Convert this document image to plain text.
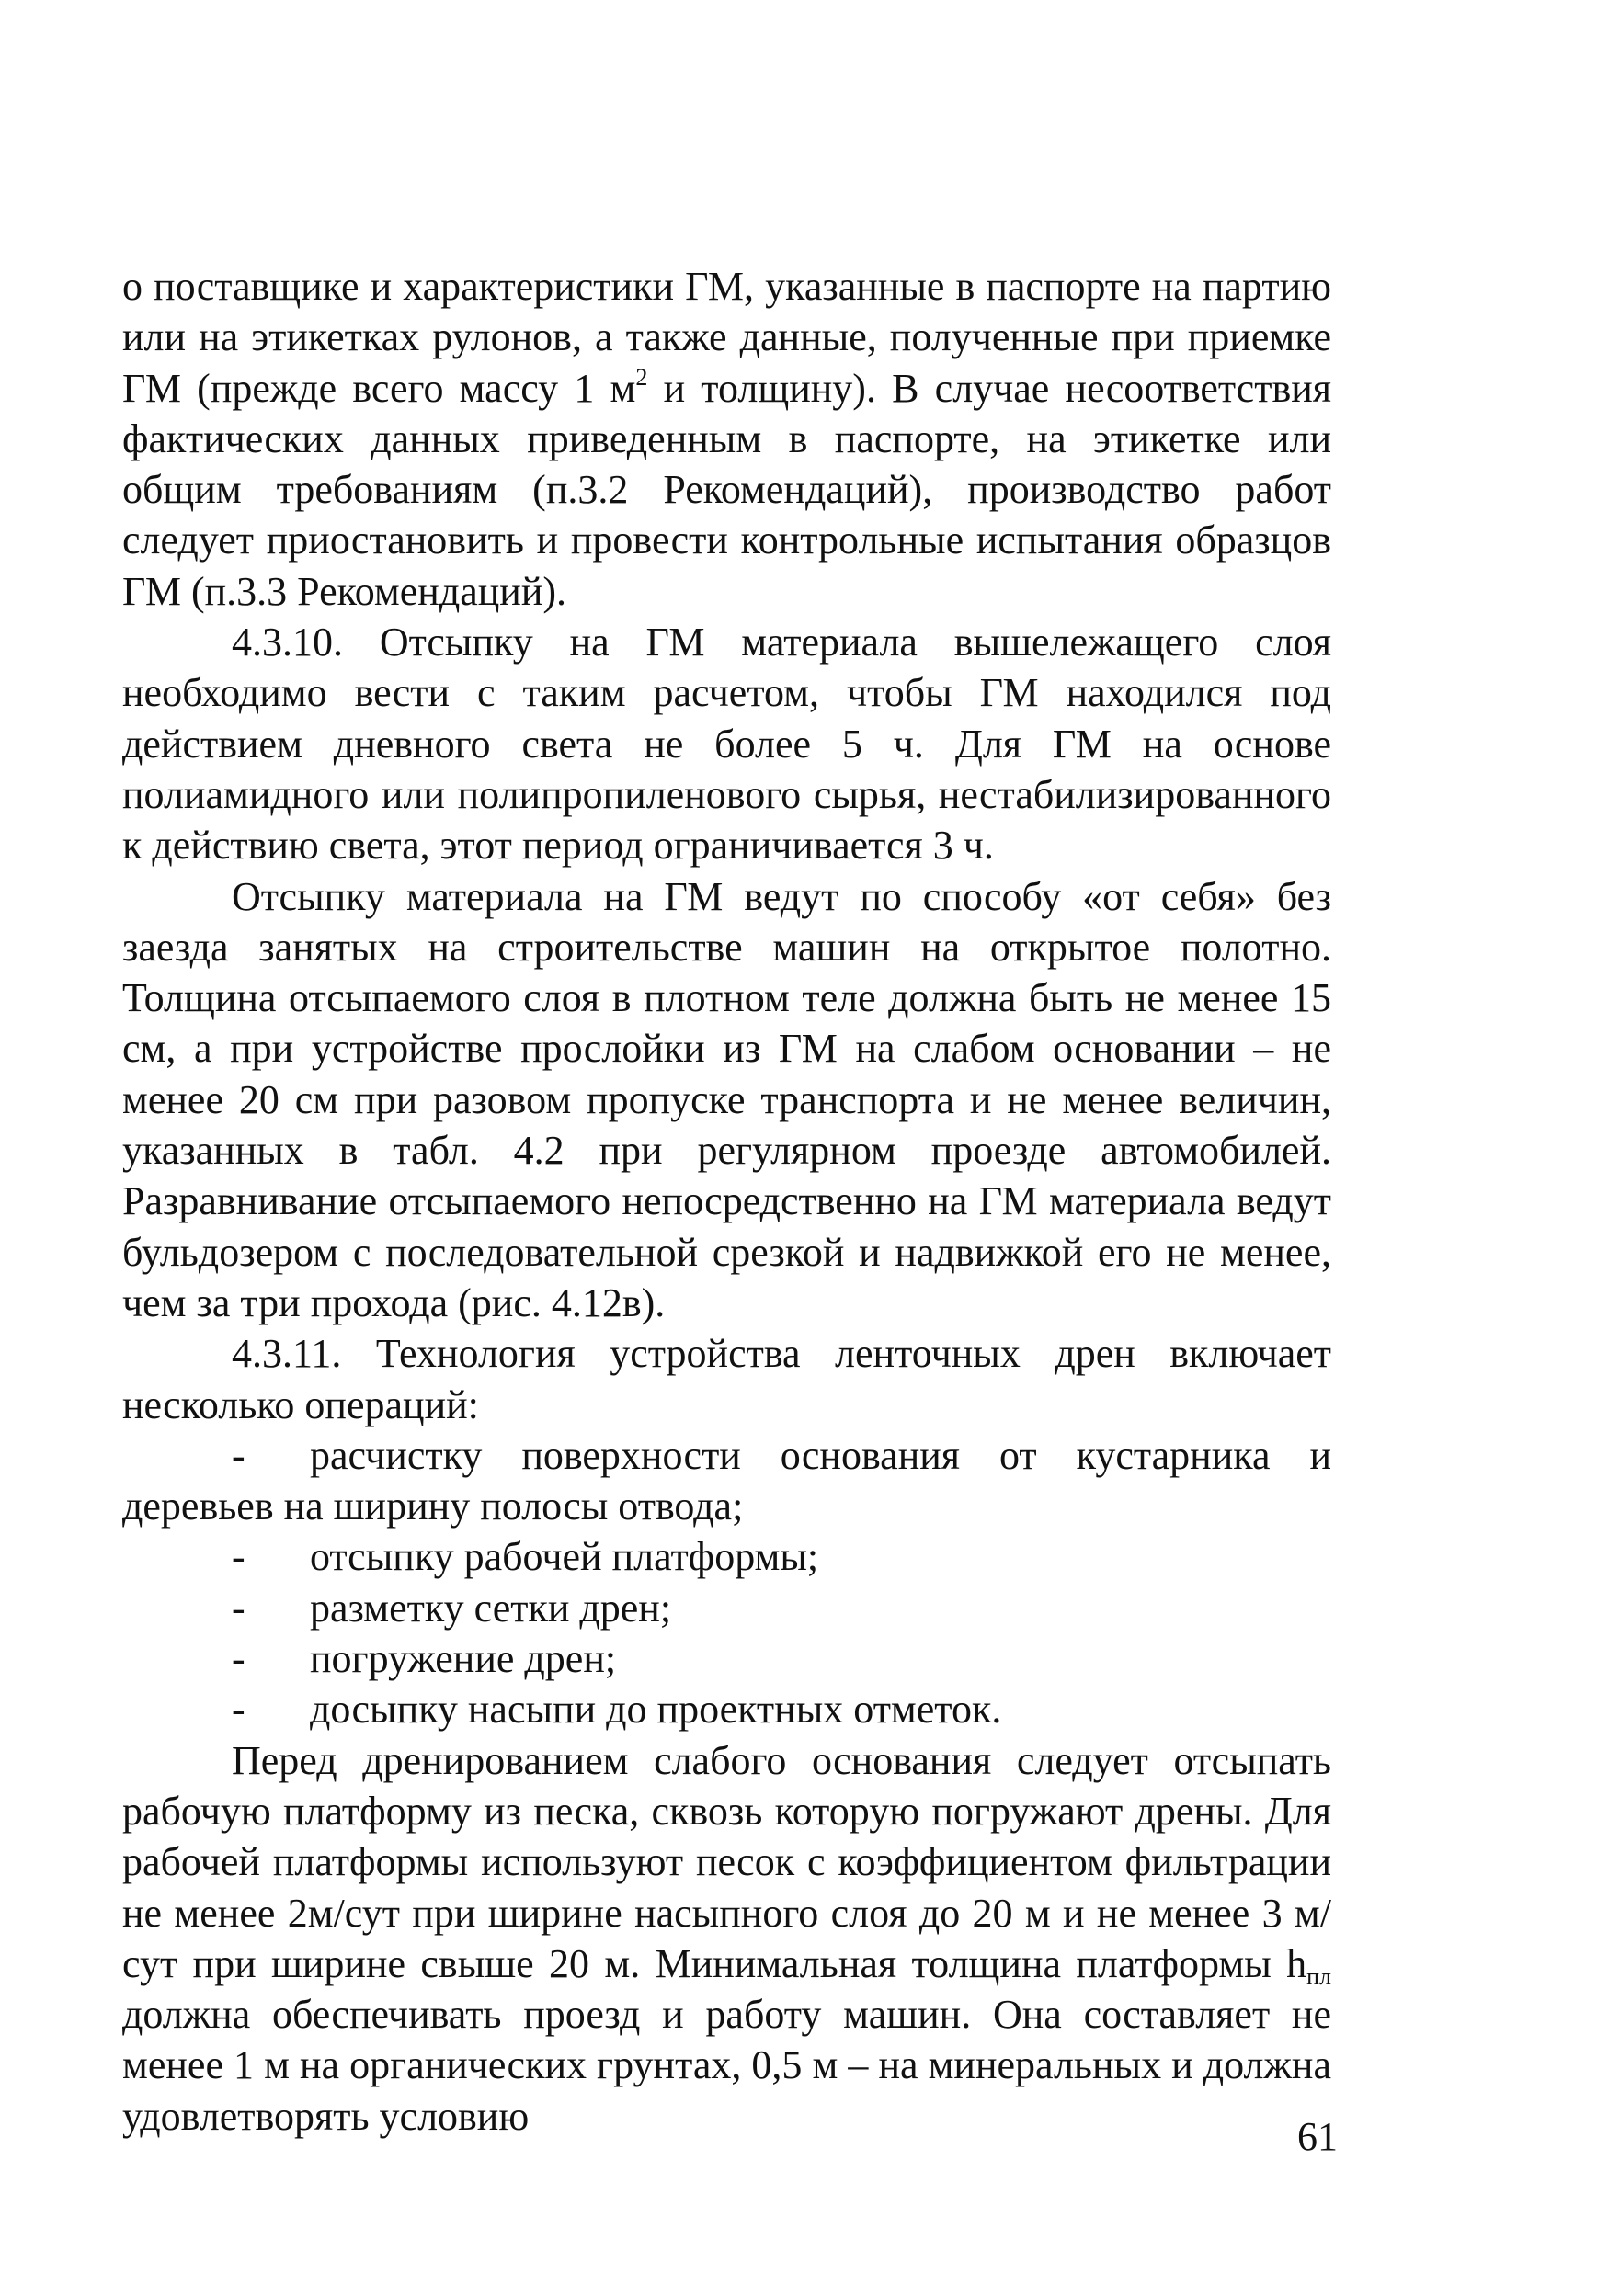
о поставщике и характеристики ГМ, указанные в паспорте на партию или на этикетках рулонов, а также данные, полученные при приемке ГМ (прежде всего массу 1 $м^2$ и толщину). В случае несоответствия фактических данных приведенным в паспорте, на этикетке или общим требованиям (п.3.2 Рекомендаций), производство работ следует приостановить и провести контрольные испытания образцов ГМ (п.3.3 Рекомендаций).

4.3.10. Отсыпку на ГМ материала вышележащего слоя необходимо вести с таким расчетом, чтобы ГМ находился под действием дневного света не более 5 ч. Для ГМ на основе полиамидного или полипропиленового сырья, нестабилизированного к действию света, этот период ограничивается 3 ч.

Отсыпку материала на ГМ ведут по способу «от себя» без заезда занятых на строительстве машин на открытое полотно. Толщина отсыпаемого слоя в плотном теле должна быть не менее 15 см, а при устройстве прослойки из ГМ на слабом основании – не менее 20 см при разовом пропуске транспорта и не менее величин, указанных в табл. 4.2 при регулярном проезде автомобилей. Разравнивание отсыпаемого непосредственно на ГМ материала ведут бульдозером с последовательной срезкой и надвижкой его не менее, чем за три прохода (рис. 4.12в).

4.3.11. Технология устройства ленточных дрен включает несколько операций:

- расчистку поверхности основания от кустарника и деревьев на ширину полосы отвода;

- отсыпку рабочей платформы;

- разметку сетки дрен;

- погружение дрен;

- досыпку насыпи до проектных отметок.

Перед дренированием слабого основания следует отсыпать рабочую платформу из песка, сквозь которую погружают дрены. Для рабочей платформы используют песок с коэффициентом фильтрации не менее 2м/сут при ширине насыпного слоя до 20 м и не менее 3 м/сут при ширине свыше 20 м. Минимальная толщина платформы $h_{пл}$ должна обеспечивать проезд и работу машин. Она составляет не менее 1 м на органических грунтах, 0,5 м – на минеральных и должна удовлетворять условию	61
